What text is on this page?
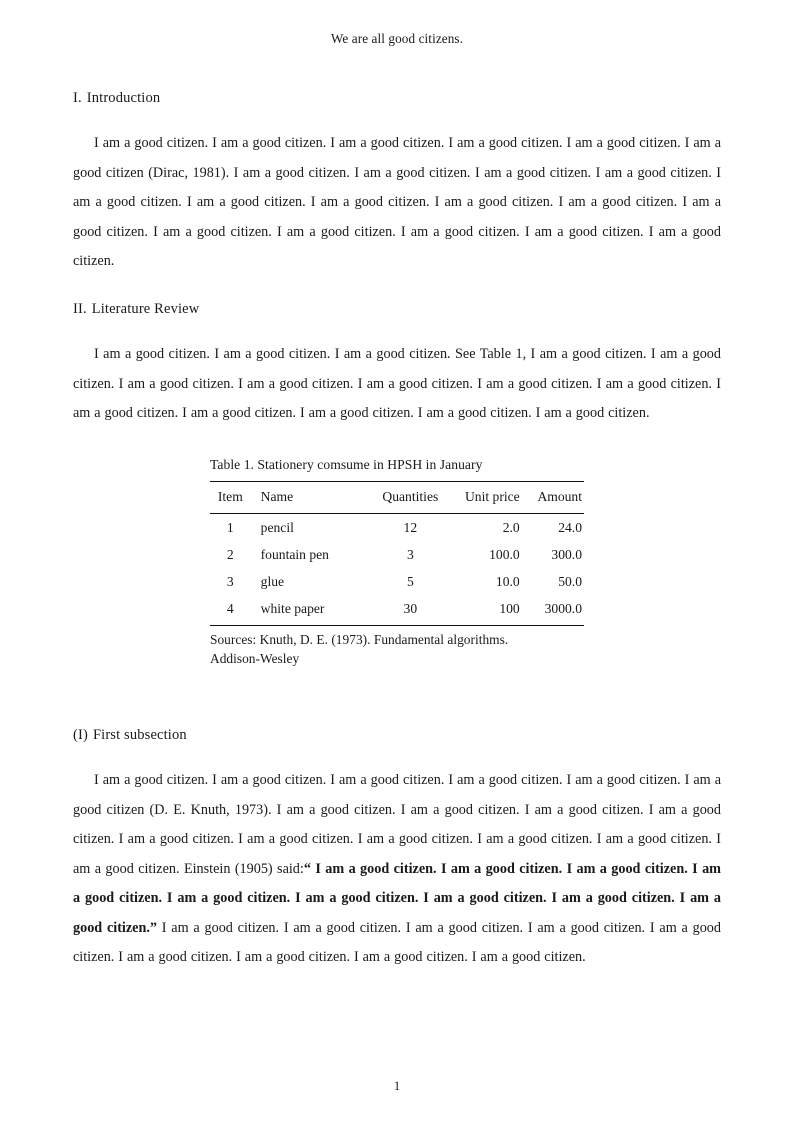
We are all good citizens.
I. Introduction

I am a good citizen. I am a good citizen. I am a good citizen. I am a good citizen. I am a good citizen. I am a good citizen (Dirac, 1981). I am a good citizen. I am a good citizen. I am a good citizen. I am a good citizen. I am a good citizen. I am a good citizen. I am a good citizen. I am a good citizen. I am a good citizen. I am a good citizen. I am a good citizen. I am a good citizen. I am a good citizen. I am a good citizen. I am a good citizen.

II. Literature Review

I am a good citizen. I am a good citizen. I am a good citizen. See Table 1, I am a good citizen. I am a good citizen. I am a good citizen. I am a good citizen. I am a good citizen. I am a good citizen. I am a good citizen. I am a good citizen. I am a good citizen. I am a good citizen. I am a good citizen. I am a good citizen.

Table 1. Stationery comsume in HPSH in January
Item	Name	Quantities	Unit price	Amount
1	pencil	12	2.0	24.0
2	fountain pen	3	100.0	300.0
3	glue	5	10.0	50.0
4	white paper	30	100	3000.0
Sources: Knuth, D. E. (1973). Fundamental algorithms.
Addison-Wesley
(I) First subsection

I am a good citizen. I am a good citizen. I am a good citizen. I am a good citizen. I am a good citizen. I am a good citizen (D. E. Knuth, 1973). I am a good citizen. I am a good citizen. I am a good citizen. I am a good citizen. I am a good citizen. I am a good citizen. I am a good citizen. I am a good citizen. I am a good citizen. I am a good citizen. Einstein (1905) said:“ I am a good citizen. I am a good citizen. I am a good citizen. I am a good citizen. I am a good citizen. I am a good citizen. I am a good citizen. I am a good citizen. I am a good citizen.” I am a good citizen. I am a good citizen. I am a good citizen. I am a good citizen. I am a good citizen. I am a good citizen. I am a good citizen. I am a good citizen. I am a good citizen.

1
